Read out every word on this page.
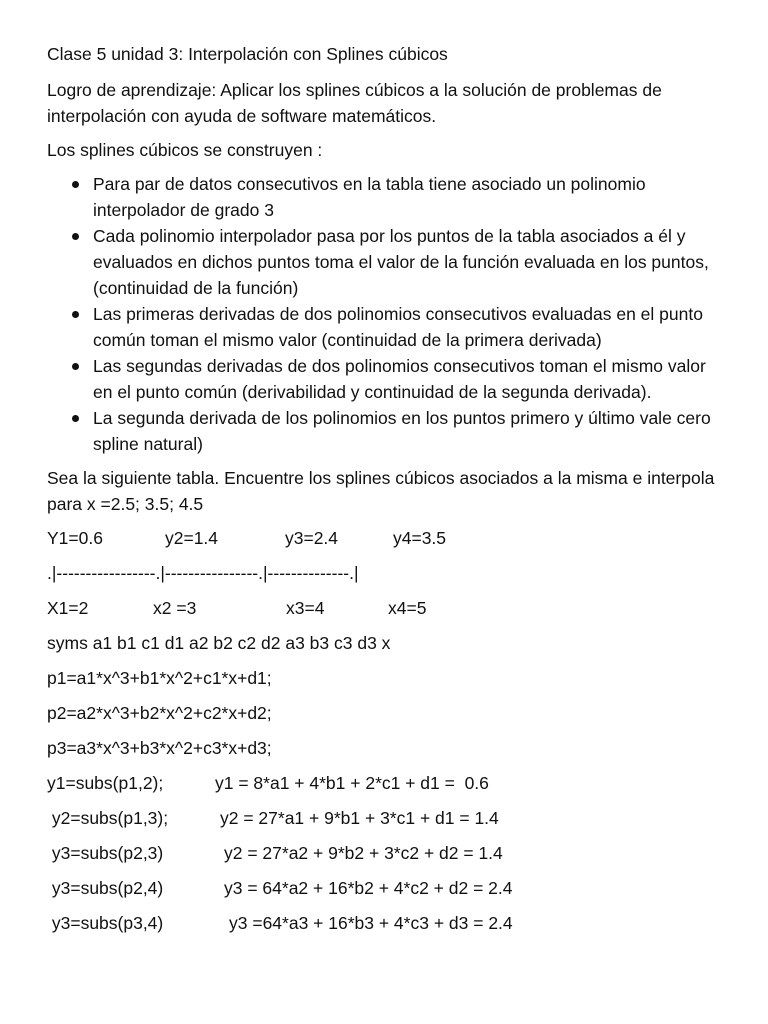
Clase 5 unidad 3: Interpolación con Splines cúbicos

Logro de aprendizaje: Aplicar los splines cúbicos a la solución de problemas de interpolación con ayuda de software matemáticos.

Los splines cúbicos se construyen :

Para par de datos consecutivos en la tabla tiene asociado un polinomio interpolador de grado 3
Cada polinomio interpolador pasa por los puntos de la tabla asociados a él y evaluados en dichos puntos toma el valor de la función evaluada en los puntos, (continuidad de la función)
Las primeras derivadas de dos polinomios consecutivos evaluadas en el punto común toman el mismo valor (continuidad de la primera derivada)
Las segundas derivadas de dos polinomios consecutivos toman el mismo valor en el punto común (derivabilidad y continuidad de la segunda derivada).
La segunda derivada de los polinomios en los puntos primero y último vale cero spline natural)

Sea la siguiente tabla. Encuentre los splines cúbicos asociados a la misma e interpola para x =2.5; 3.5; 4.5

Y1=0.6	y2=1.4	y3=2.4	y4=3.5
.|-----------------.|----------------.|--------------.|
X1=2	x2 =3	x3=4	x4=5
syms a1 b1 c1 d1 a2 b2 c2 d2 a3 b3 c3 d3 x
p1=a1*x^3+b1*x^2+c1*x+d1;
p2=a2*x^3+b2*x^2+c2*x+d2;
p3=a3*x^3+b3*x^2+c3*x+d3;
y1=subs(p1,2);	y1 = 8*a1 + 4*b1 + 2*c1 + d1 =  0.6
y2=subs(p1,3);	y2 = 27*a1 + 9*b1 + 3*c1 + d1 = 1.4
y3=subs(p2,3)	y2 = 27*a2 + 9*b2 + 3*c2 + d2 = 1.4
y3=subs(p2,4)	y3 = 64*a2 + 16*b2 + 4*c2 + d2 = 2.4
y3=subs(p3,4)	y3 =64*a3 + 16*b3 + 4*c3 + d3 = 2.4
